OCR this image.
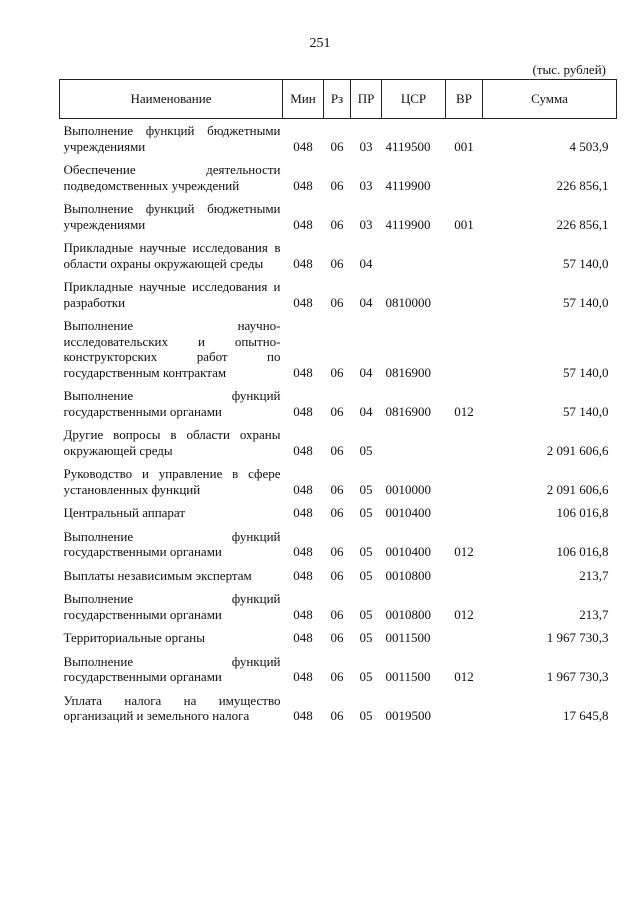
251
(тыс. рублей)
Наименование	Мин	Рз	ПР	ЦСР	ВР	Сумма
Выполнение функций бюджетными учреждениями	048	06	03	4119500	001	4 503,9
Обеспечение деятельности подведомственных учреждений	048	06	03	4119900		226 856,1
Выполнение функций бюджетными учреждениями	048	06	03	4119900	001	226 856,1
Прикладные научные исследования в области охраны окружающей среды	048	06	04			57 140,0
Прикладные научные исследования и разработки	048	06	04	0810000		57 140,0
Выполнение научно-исследовательских и опытно-конструкторских работ по государственным контрактам	048	06	04	0816900		57 140,0
Выполнение функций государственными органами	048	06	04	0816900	012	57 140,0
Другие вопросы в области охраны окружающей среды	048	06	05			2 091 606,6
Руководство и управление в сфере установленных функций	048	06	05	0010000		2 091 606,6
Центральный аппарат	048	06	05	0010400		106 016,8
Выполнение функций государственными органами	048	06	05	0010400	012	106 016,8
Выплаты независимым экспертам	048	06	05	0010800		213,7
Выполнение функций государственными органами	048	06	05	0010800	012	213,7
Территориальные органы	048	06	05	0011500		1 967 730,3
Выполнение функций государственными органами	048	06	05	0011500	012	1 967 730,3
Уплата налога на имущество организаций и земельного налога	048	06	05	0019500		17 645,8
